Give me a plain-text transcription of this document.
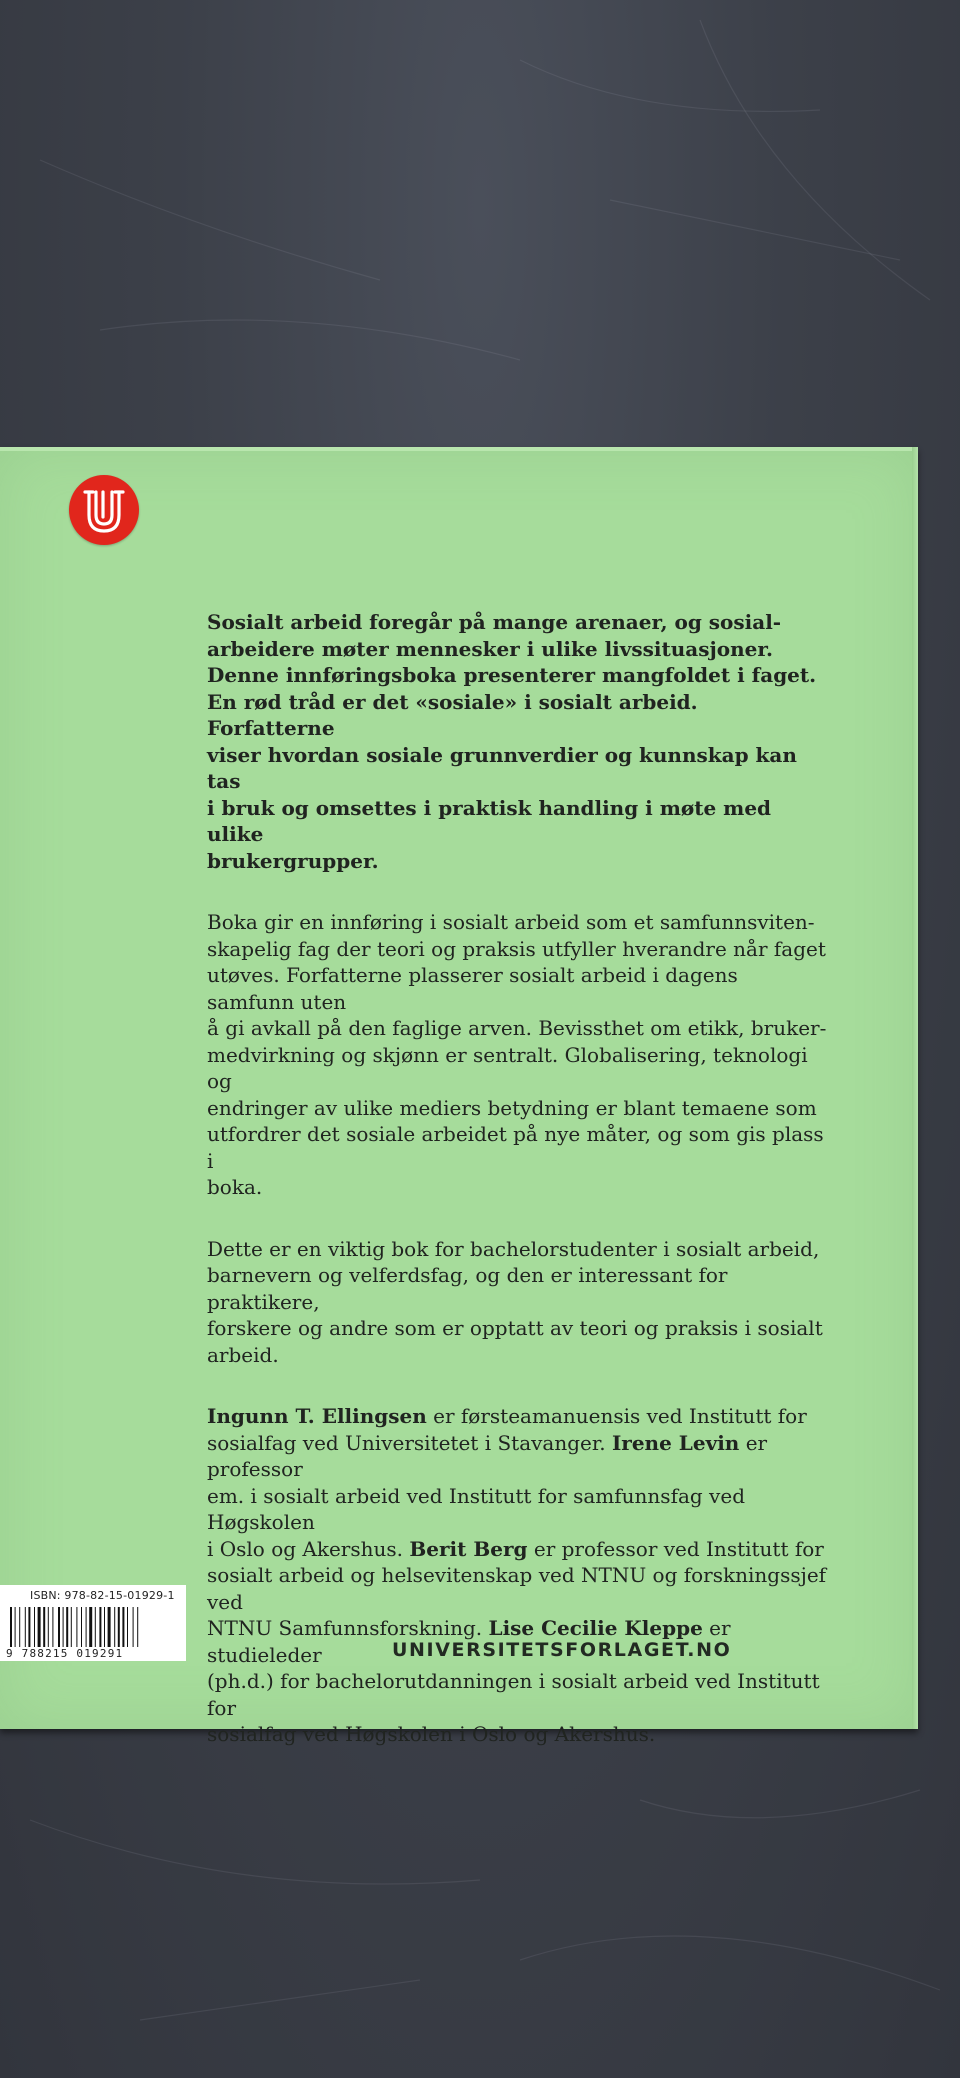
Sosialt arbeid foregår på mange arenaer, og sosial-
arbeidere møter mennesker i ulike livssituasjoner.
Denne innføringsboka presenterer mangfoldet i faget.
En rød tråd er det «sosiale» i sosialt arbeid. Forfatterne
viser hvordan sosiale grunnverdier og kunnskap kan tas
i bruk og omsettes i praktisk handling i møte med ulike
brukergrupper.

Boka gir en innføring i sosialt arbeid som et samfunnsviten-
skapelig fag der teori og praksis utfyller hverandre når faget
utøves. Forfatterne plasserer sosialt arbeid i dagens samfunn uten
å gi avkall på den faglige arven. Bevissthet om etikk, bruker-
medvirkning og skjønn er sentralt. Globalisering, teknologi og
endringer av ulike mediers betydning er blant temaene som
utfordrer det sosiale arbeidet på nye måter, og som gis plass i
boka.

Dette er en viktig bok for bachelorstudenter i sosialt arbeid,
barnevern og velferdsfag, og den er interessant for praktikere,
forskere og andre som er opptatt av teori og praksis i sosialt
arbeid.

Ingunn T. Ellingsen er førsteamanuensis ved Institutt for
sosialfag ved Universitetet i Stavanger. Irene Levin er professor
em. i sosialt arbeid ved Institutt for samfunnsfag ved Høgskolen
i Oslo og Akershus. Berit Berg er professor ved Institutt for
sosialt arbeid og helsevitenskap ved NTNU og forskningssjef ved
NTNU Samfunnsforskning. Lise Cecilie Kleppe er studieleder
(ph.d.) for bachelorutdanningen i sosialt arbeid ved Institutt for
sosialfag ved Høgskolen i Oslo og Akershus.

ISBN: 978-82-15-01929-1
9 788215 019291	UNIVERSITETSFORLAGET.NO
